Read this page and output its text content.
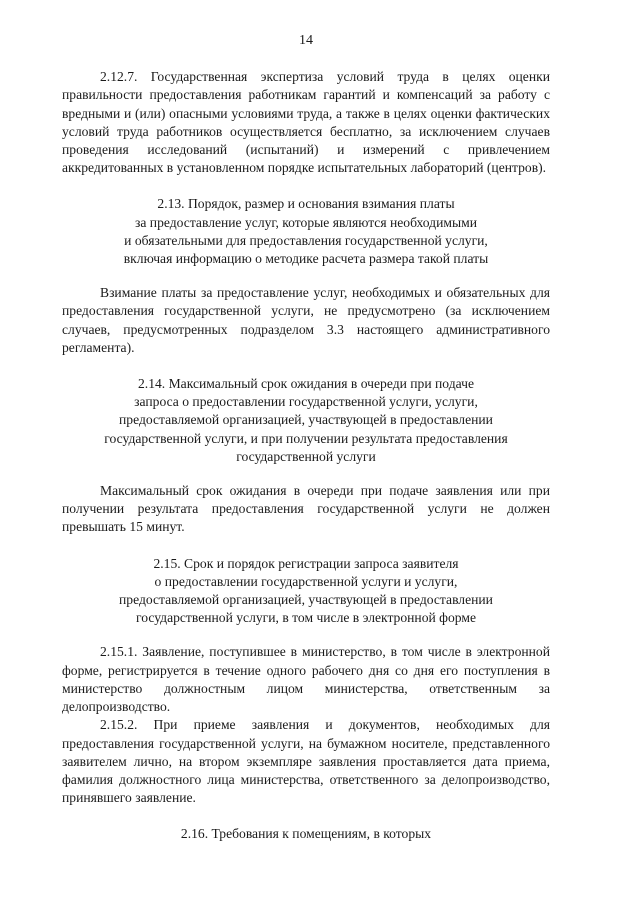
14

2.12.7. Государственная экспертиза условий труда в целях оценки правильности предоставления работникам гарантий и компенсаций за работу с вредными и (или) опасными условиями труда, а также в целях оценки фактических условий труда работников осуществляется бесплатно, за исключением случаев проведения исследований (испытаний) и измерений с привлечением аккредитованных в установленном порядке испытательных лабораторий (центров).

2.13. Порядок, размер и основания взимания платы
за предоставление услуг, которые являются необходимыми
и обязательными для предоставления государственной услуги,
включая информацию о методике расчета размера такой платы

Взимание платы за предоставление услуг, необходимых и обязательных для предоставления государственной услуги, не предусмотрено (за исключением случаев, предусмотренных подразделом 3.3 настоящего административного регламента).

2.14. Максимальный срок ожидания в очереди при подаче
запроса о предоставлении государственной услуги, услуги,
предоставляемой организацией, участвующей в предоставлении
государственной услуги, и при получении результата предоставления
государственной услуги

Максимальный срок ожидания в очереди при подаче заявления или при получении результата предоставления государственной услуги не должен превышать 15 минут.

2.15. Срок и порядок регистрации запроса заявителя
о предоставлении государственной услуги и услуги,
предоставляемой организацией, участвующей в предоставлении
государственной услуги, в том числе в электронной форме

2.15.1. Заявление, поступившее в министерство, в том числе в электронной форме, регистрируется в течение одного рабочего дня со дня его поступления в министерство должностным лицом министерства, ответственным за делопроизводство.

2.15.2. При приеме заявления и документов, необходимых для предоставления государственной услуги, на бумажном носителе, представленного заявителем лично, на втором экземпляре заявления проставляется дата приема, фамилия должностного лица министерства, ответственного за делопроизводство, принявшего заявление.

2.16. Требования к помещениям, в которых
